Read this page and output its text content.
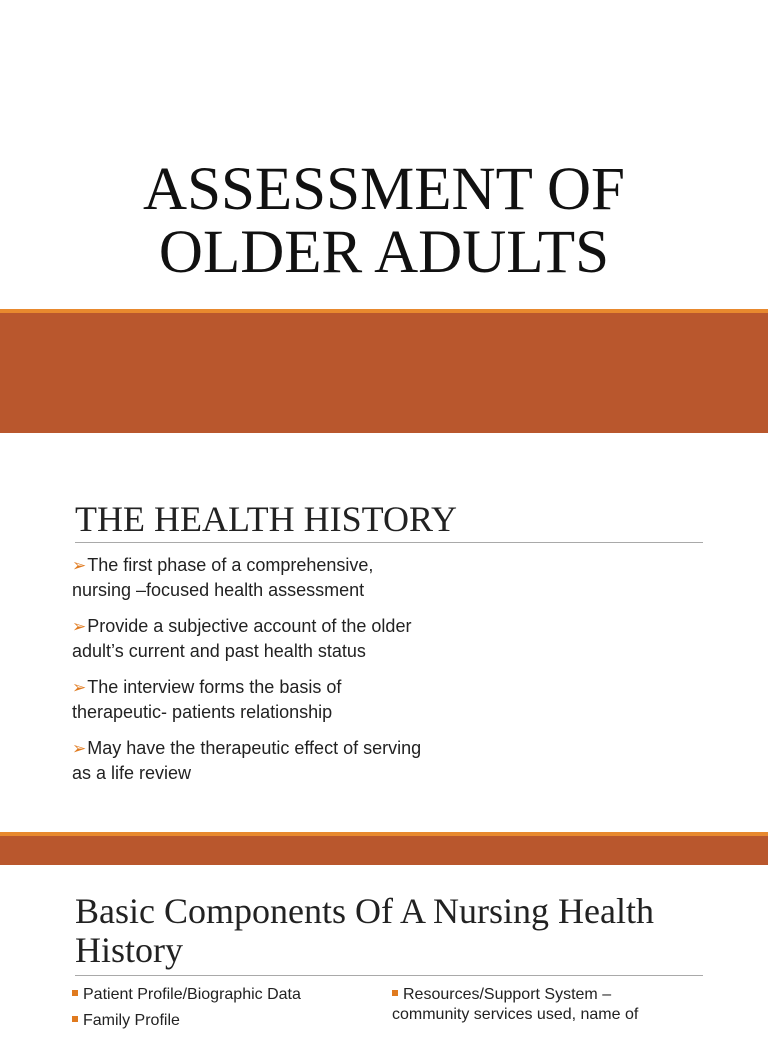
ASSESSMENT OF
OLDER ADULTS
THE HEALTH HISTORY
➢The first phase of a comprehensive, nursing –focused health assessment
➢Provide a subjective account of the older adult’s current and past health status
➢The interview forms the basis of therapeutic- patients relationship
➢May have the therapeutic effect of serving as a life review
Basic Components Of A Nursing Health History
Patient Profile/Biographic Data
Family Profile
Resources/Support System – community services used, name of
